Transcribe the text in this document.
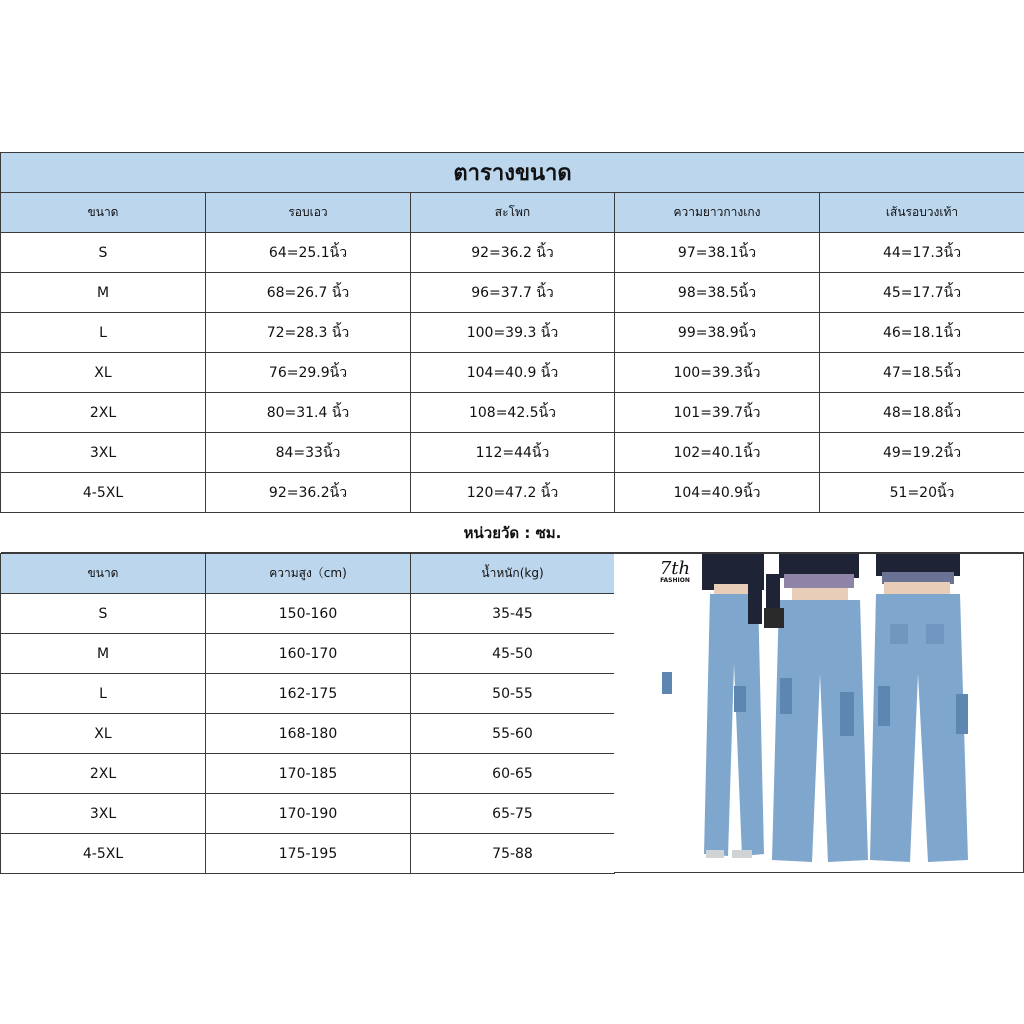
ตารางขนาด				
ขนาด	รอบเอว	สะโพก	ความยาวกางเกง	เส้นรอบวงเท้า
S	64=25.1นิ้ว	92=36.2 นิ้ว	97=38.1นิ้ว	44=17.3นิ้ว
M	68=26.7 นิ้ว	96=37.7 นิ้ว	98=38.5นิ้ว	45=17.7นิ้ว
L	72=28.3 นิ้ว	100=39.3 นิ้ว	99=38.9นิ้ว	46=18.1นิ้ว
XL	76=29.9นิ้ว	104=40.9 นิ้ว	100=39.3นิ้ว	47=18.5นิ้ว
2XL	80=31.4 นิ้ว	108=42.5นิ้ว	101=39.7นิ้ว	48=18.8นิ้ว
3XL	84=33นิ้ว	112=44นิ้ว	102=40.1นิ้ว	49=19.2นิ้ว
4-5XL	92=36.2นิ้ว	120=47.2 นิ้ว	104=40.9นิ้ว	51=20นิ้ว
หน่วยวัด : ซม.				
ขนาด	ความสูง（cm)	น้ำหนัก(kg)
S	150-160	35-45
M	160-170	45-50
L	162-175	50-55
XL	168-180	55-60
2XL	170-185	60-65
3XL	170-190	65-75
4-5XL	175-195	75-88
7th
FASHION
